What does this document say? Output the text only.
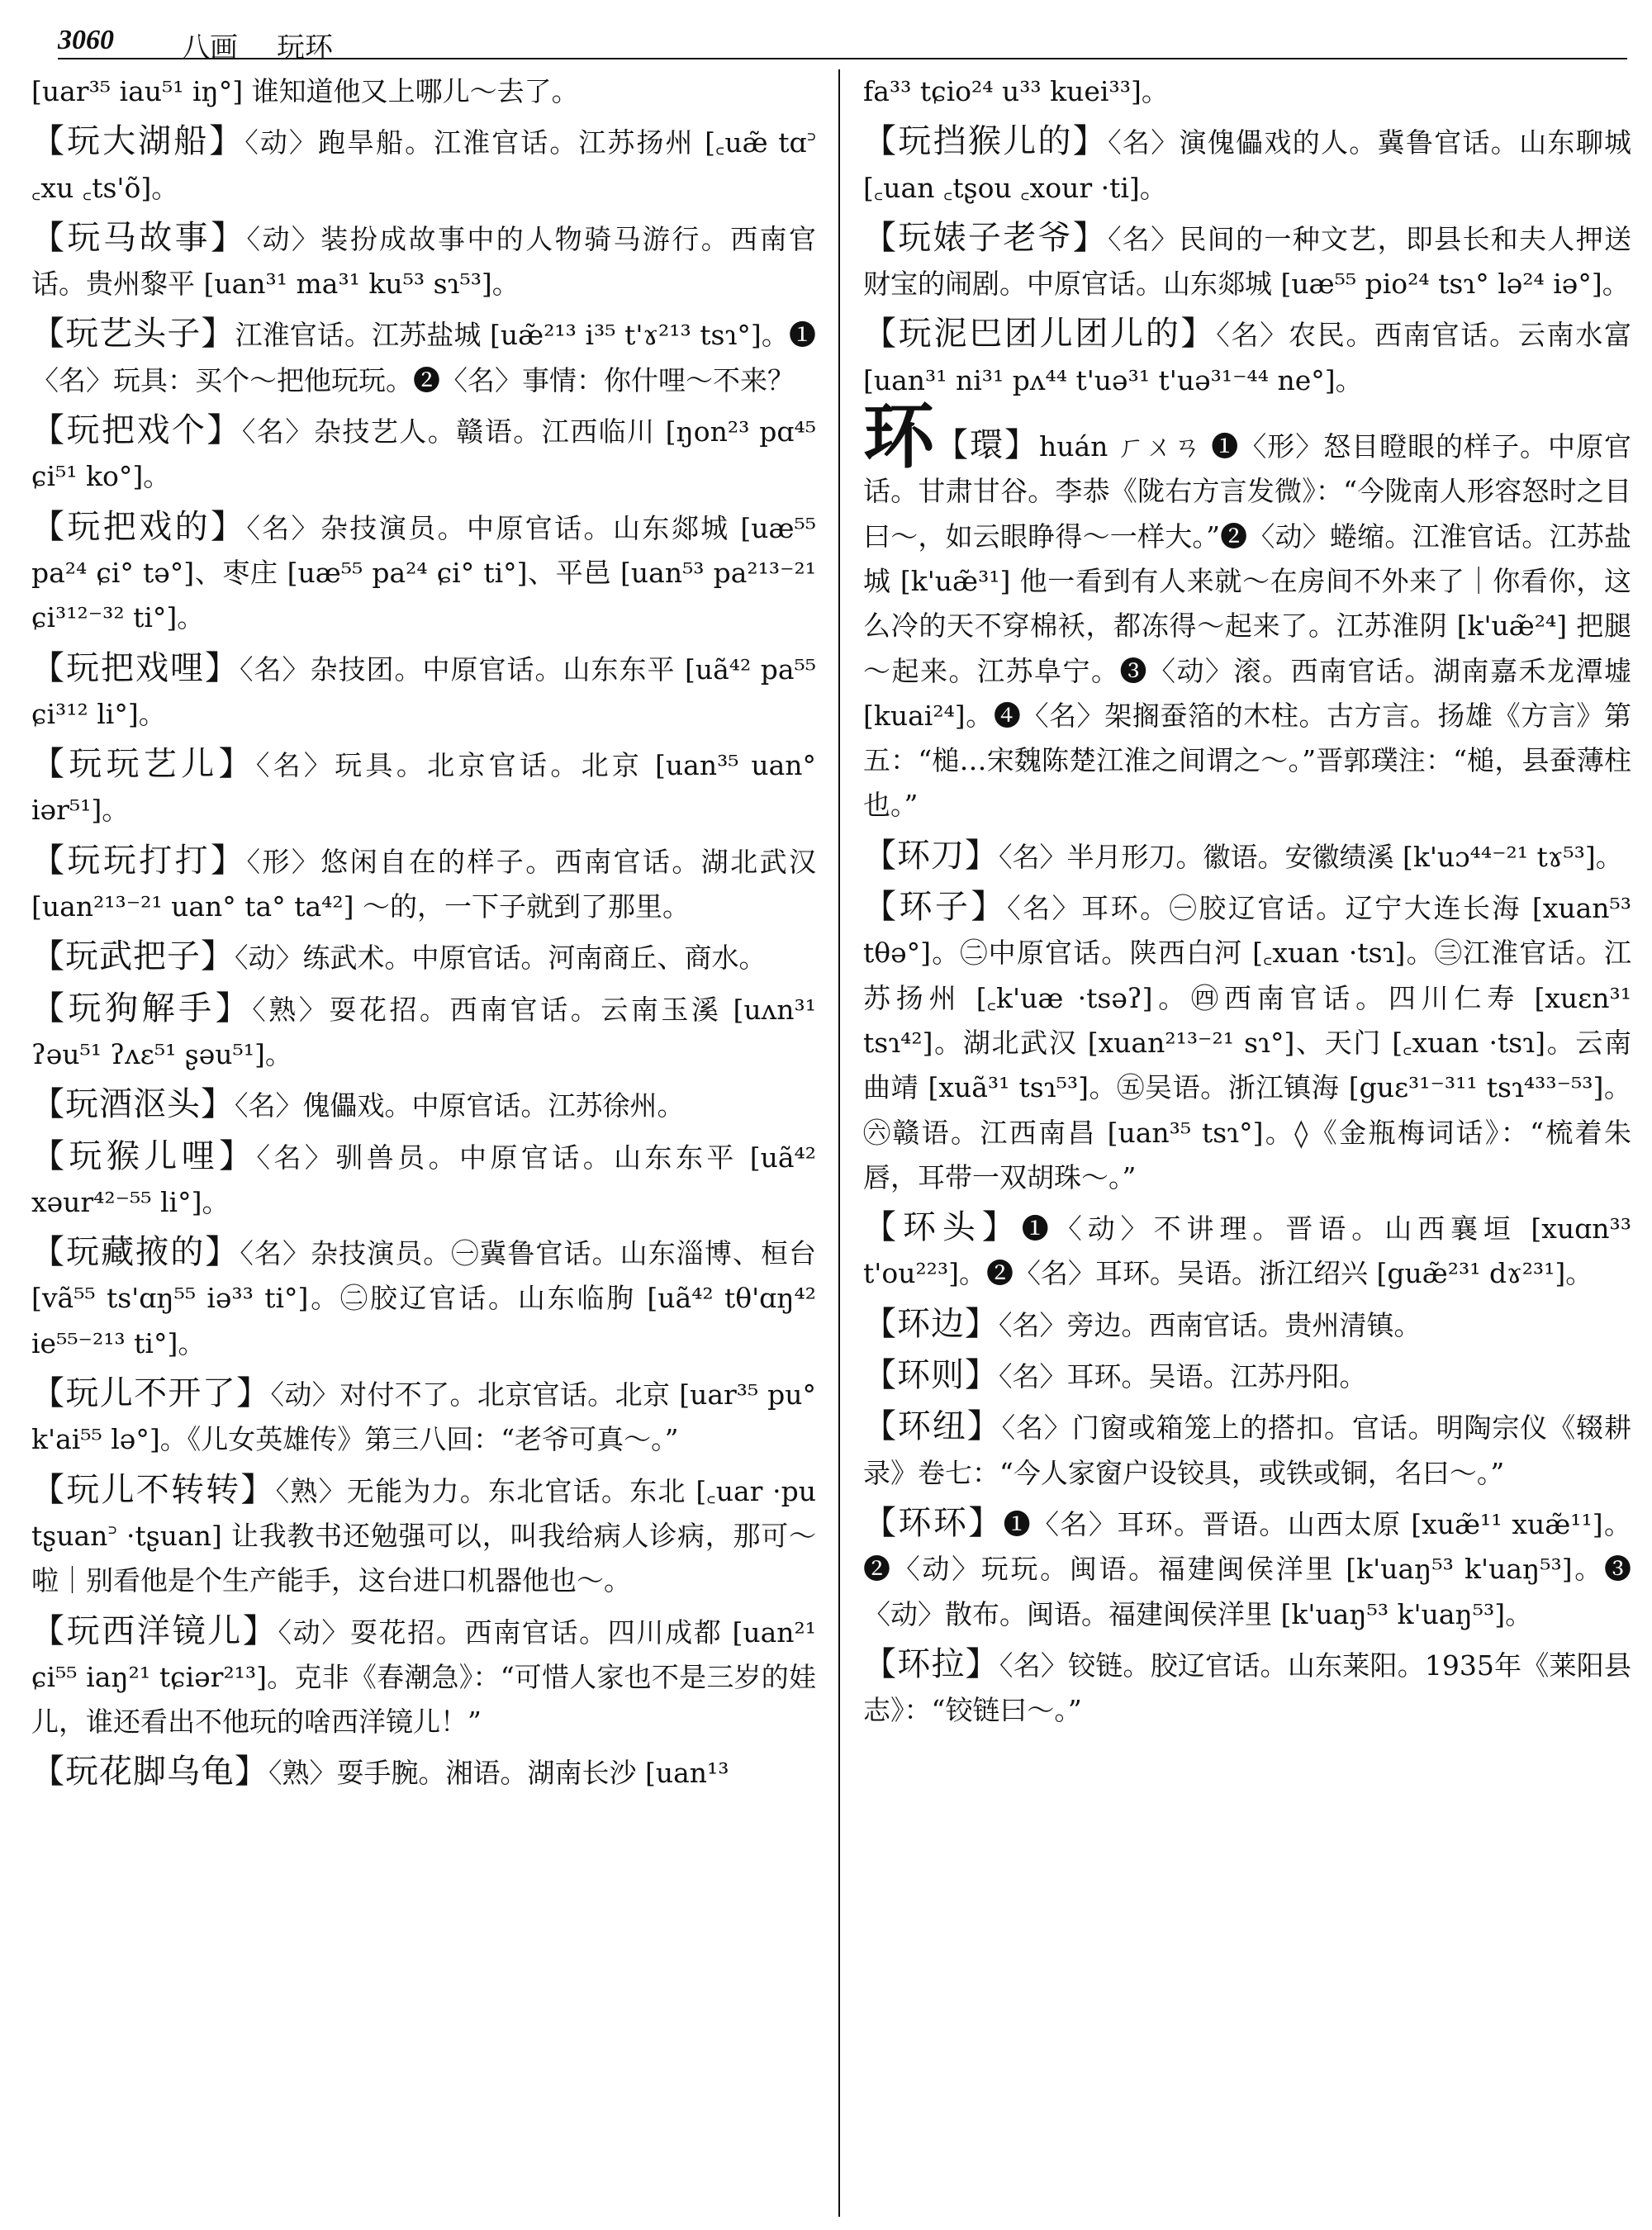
3060 八画 玩环

[uar³⁵ iau⁵¹ iŋ°] 谁知道他又上哪儿～去了。

【玩大湖船】〈动〉跑旱船。江淮官话。江苏扬州 [꜀uæ̃ tɑ꜄ ꜀xu ꜀ts'õ]。

【玩马故事】〈动〉装扮成故事中的人物骑马游行。西南官话。贵州黎平 [uan³¹ ma³¹ ku⁵³ sɿ⁵³]。

【玩艺头子】江淮官话。江苏盐城 [uæ̃²¹³ i³⁵ t'ɤ²¹³ tsɿ°]。❶〈名〉玩具：买个～把他玩玩。❷〈名〉事情：你什哩～不来？

【玩把戏个】〈名〉杂技艺人。赣语。江西临川 [ŋon²³ pɑ⁴⁵ ɕi⁵¹ ko°]。

【玩把戏的】〈名〉杂技演员。中原官话。山东郯城 [uæ⁵⁵ pa²⁴ ɕi° tə°]、枣庄 [uæ⁵⁵ pa²⁴ ɕi° ti°]、平邑 [uan⁵³ pa²¹³⁻²¹ ɕi³¹²⁻³² ti°]。

【玩把戏哩】〈名〉杂技团。中原官话。山东东平 [uã⁴² pa⁵⁵ ɕi³¹² li°]。

【玩玩艺儿】〈名〉玩具。北京官话。北京 [uan³⁵ uan° iər⁵¹]。

【玩玩打打】〈形〉悠闲自在的样子。西南官话。湖北武汉 [uan²¹³⁻²¹ uan° ta° ta⁴²] ～的，一下子就到了那里。

【玩武把子】〈动〉练武术。中原官话。河南商丘、商水。

【玩狗解手】〈熟〉耍花招。西南官话。云南玉溪 [uʌn³¹ ʔəu⁵¹ ʔʌɛ⁵¹ ʂəu⁵¹]。

【玩酒沤头】〈名〉傀儡戏。中原官话。江苏徐州。

【玩猴儿哩】〈名〉驯兽员。中原官话。山东东平 [uã⁴² xəur⁴²⁻⁵⁵ li°]。

【玩藏掖的】〈名〉杂技演员。㊀冀鲁官话。山东淄博、桓台 [vã⁵⁵ ts'ɑŋ⁵⁵ iə³³ ti°]。㊁胶辽官话。山东临朐 [uã⁴² tθ'ɑŋ⁴² ie⁵⁵⁻²¹³ ti°]。

【玩儿不开了】〈动〉对付不了。北京官话。北京 [uar³⁵ pu° k'ai⁵⁵ lə°]。《儿女英雄传》第三八回：“老爷可真～。”

【玩儿不转转】〈熟〉无能为力。东北官话。东北 [꜀uar ·pu tʂuan꜄ ·tʂuan] 让我教书还勉强可以，叫我给病人诊病，那可～啦｜别看他是个生产能手，这台进口机器他也～。

【玩西洋镜儿】〈动〉耍花招。西南官话。四川成都 [uan²¹ ɕi⁵⁵ iaŋ²¹ tɕiər²¹³]。克非《春潮急》：“可惜人家也不是三岁的娃儿，谁还看出不他玩的啥西洋镜儿！”

【玩花脚乌龟】〈熟〉耍手腕。湘语。湖南长沙 [uan¹³

fa³³ tɕio²⁴ u³³ kuei³³]。

【玩挡猴儿的】〈名〉演傀儡戏的人。冀鲁官话。山东聊城 [꜀uan ꜀tʂou ꜀xour ·ti]。

【玩婊子老爷】〈名〉民间的一种文艺，即县长和夫人押送财宝的闹剧。中原官话。山东郯城 [uæ⁵⁵ pio²⁴ tsɿ° lə²⁴ iə°]。

【玩泥巴团儿团儿的】〈名〉农民。西南官话。云南水富 [uan³¹ ni³¹ pʌ⁴⁴ t'uə³¹ t'uə³¹⁻⁴⁴ ne°]。

环【環】huán ㄏㄨㄢ ❶〈形〉怒目瞪眼的样子。中原官话。甘肃甘谷。李恭《陇右方言发微》：“今陇南人形容怒时之目曰～，如云眼睁得～一样大。”❷〈动〉蜷缩。江淮官话。江苏盐城 [k'uæ̃³¹] 他一看到有人来就～在房间不外来了｜你看你，这么冷的天不穿棉袄，都冻得～起来了。江苏淮阴 [k'uæ̃²⁴] 把腿～起来。江苏阜宁。❸〈动〉滚。西南官话。湖南嘉禾龙潭墟 [kuai²⁴]。❹〈名〉架搁蚕箔的木柱。古方言。扬雄《方言》第五：“槌…宋魏陈楚江淮之间谓之～。”晋郭璞注：“槌，县蚕薄柱也。”

【环刀】〈名〉半月形刀。徽语。安徽绩溪 [k'uɔ⁴⁴⁻²¹ tɤ⁵³]。

【环子】〈名〉耳环。㊀胶辽官话。辽宁大连长海 [xuan⁵³ tθə°]。㊁中原官话。陕西白河 [꜀xuan ·tsɿ]。㊂江淮官话。江苏扬州 [꜀k'uæ ·tsəʔ]。㊃西南官话。四川仁寿 [xuɛn³¹ tsɿ⁴²]。湖北武汉 [xuan²¹³⁻²¹ sɿ°]、天门 [꜀xuan ·tsɿ]。云南曲靖 [xuã³¹ tsɿ⁵³]。㊄吴语。浙江镇海 [guɛ³¹⁻³¹¹ tsɿ⁴³³⁻⁵³]。㊅赣语。江西南昌 [uan³⁵ tsɿ°]。◊《金瓶梅词话》：“梳着朱唇，耳带一双胡珠～。”

【环头】❶〈动〉不讲理。晋语。山西襄垣 [xuɑn³³ t'ou²²³]。❷〈名〉耳环。吴语。浙江绍兴 [guæ̃²³¹ dɤ²³¹]。

【环边】〈名〉旁边。西南官话。贵州清镇。

【环则】〈名〉耳环。吴语。江苏丹阳。

【环纽】〈名〉门窗或箱笼上的搭扣。官话。明陶宗仪《辍耕录》卷七：“今人家窗户设铰具，或铁或铜，名曰～。”

【环环】❶〈名〉耳环。晋语。山西太原 [xuæ̃¹¹ xuæ̃¹¹]。❷〈动〉玩玩。闽语。福建闽侯洋里 [k'uaŋ⁵³ k'uaŋ⁵³]。❸〈动〉散布。闽语。福建闽侯洋里 [k'uaŋ⁵³ k'uaŋ⁵³]。

【环拉】〈名〉铰链。胶辽官话。山东莱阳。1935年《莱阳县志》：“铰链曰～。”
